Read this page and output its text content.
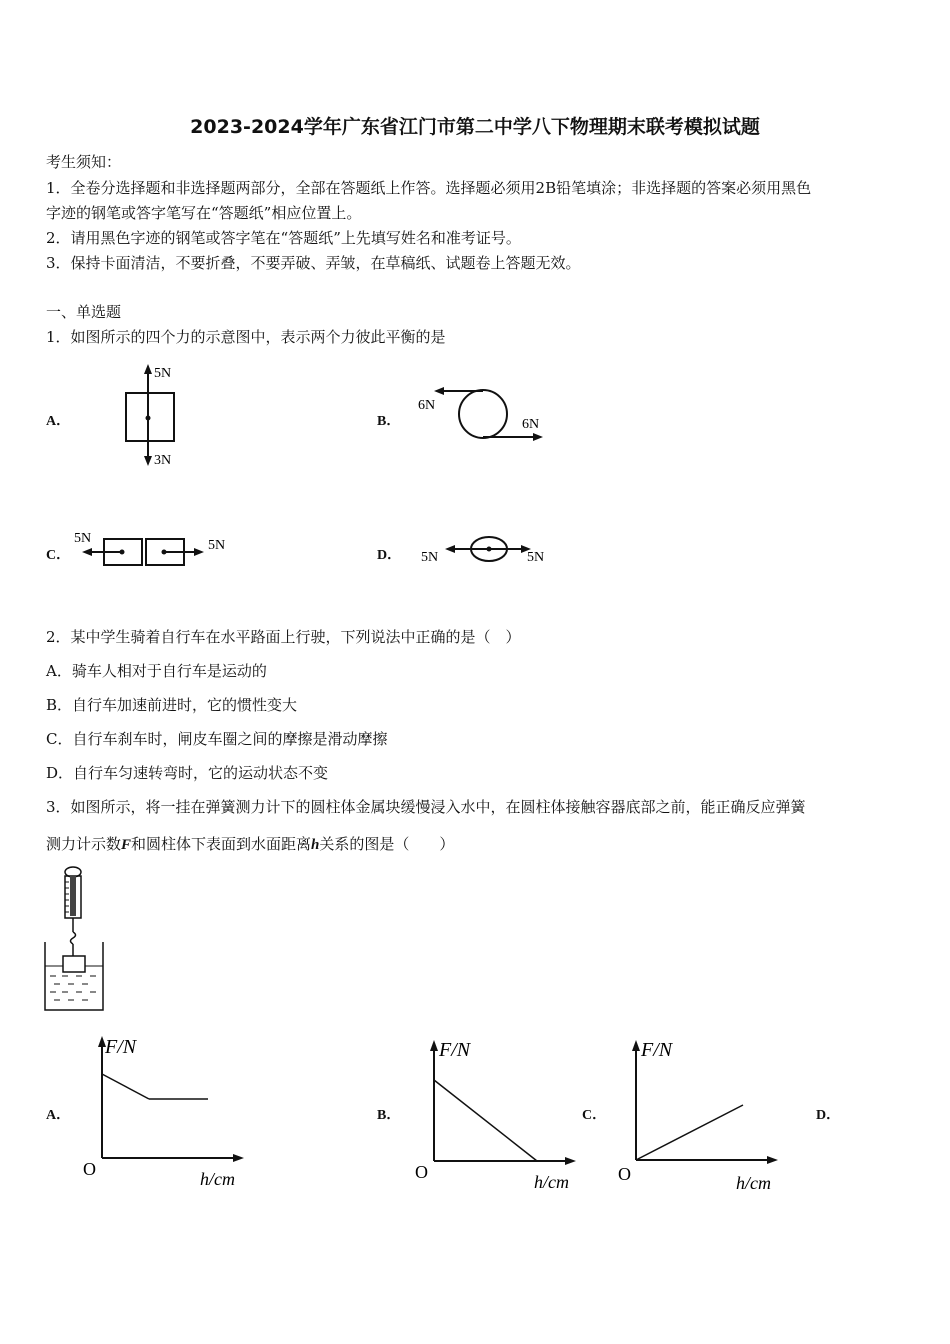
2023-2024学年广东省江门市第二中学八下物理期末联考模拟试题
考生须知：
1．全卷分选择题和非选择题两部分，全部在答题纸上作答。选择题必须用2B铅笔填涂；非选择题的答案必须用黑色
字迹的钢笔或答字笔写在“答题纸”相应位置上。
2．请用黑色字迹的钢笔或答字笔在“答题纸”上先填写姓名和准考证号。
3．保持卡面清洁，不要折叠，不要弄破、弄皱，在草稿纸、试题卷上答题无效。
一、单选题
1．如图所示的四个力的示意图中，表示两个力彼此平衡的是
A．	B．
C．	D．
5N
3N
6N
6N
5N	5N
5N	5N
2．某中学生骑着自行车在水平路面上行驶，下列说法中正确的是（　）
A．骑车人相对于自行车是运动的
B．自行车加速前进时，它的惯性变大
C．自行车刹车时，闸皮车圈之间的摩擦是滑动摩擦
D．自行车匀速转弯时，它的运动状态不变
3．如图所示，将一挂在弹簧测力计下的圆柱体金属块缓慢浸入水中，在圆柱体接触容器底部之前，能正确反应弹簧
测力计示数F和圆柱体下表面到水面距离h关系的图是（　　）
A．	B．	C．	D．
F/N
O	h/cm
F/N
O	h/cm
F/N
O	h/cm
